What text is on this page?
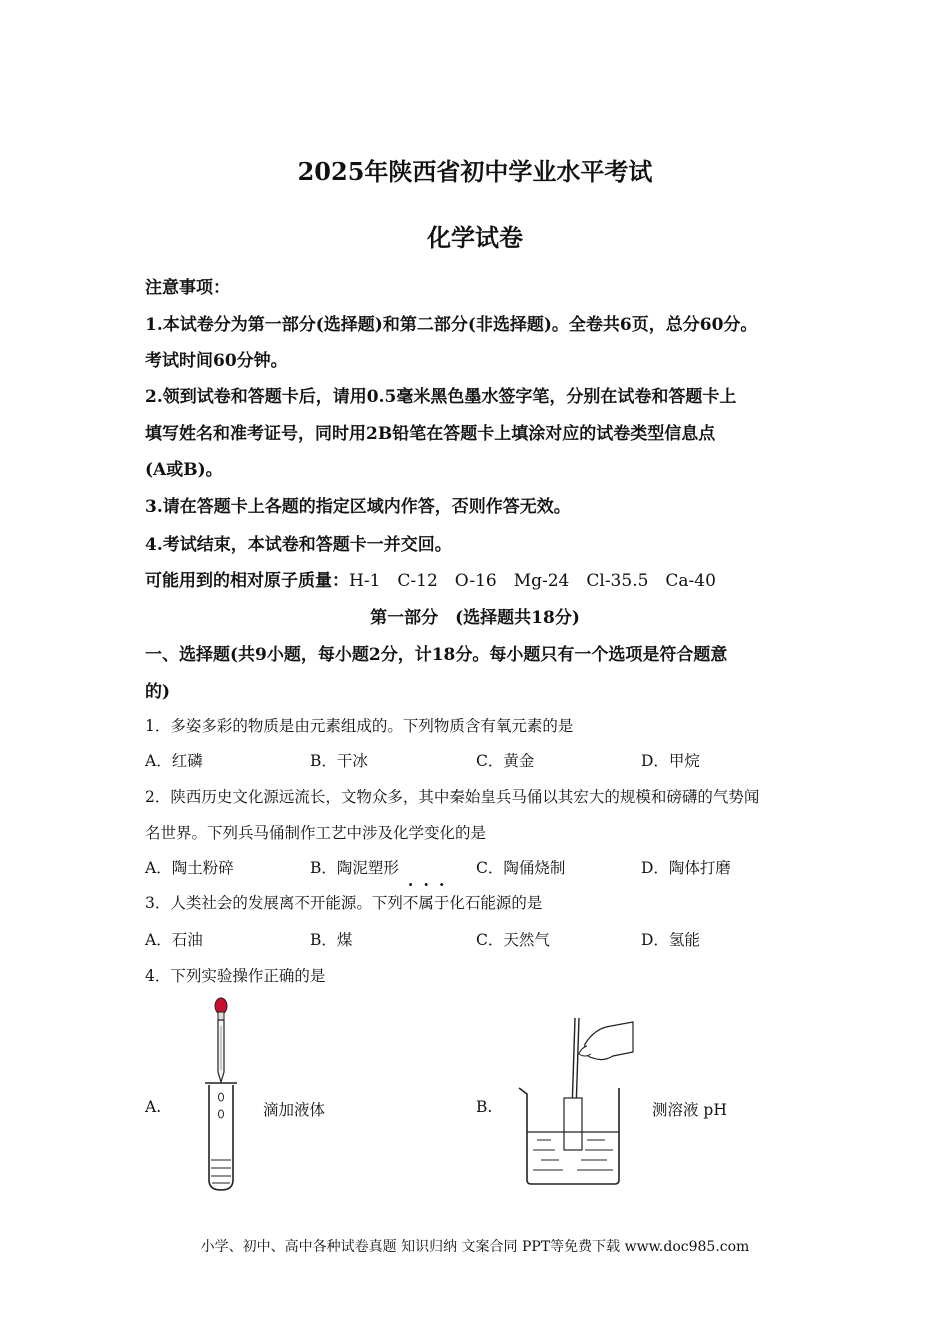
2025年陕西省初中学业水平考试
化学试卷
注意事项：
1.本试卷分为第一部分(选择题)和第二部分(非选择题)。全卷共6页，总分60分。
考试时间60分钟。
2.领到试卷和答题卡后，请用0.5毫米黑色墨水签字笔，分别在试卷和答题卡上
填写姓名和准考证号，同时用2B铅笔在答题卡上填涂对应的试卷类型信息点
(A或B)。
3.请在答题卡上各题的指定区域内作答，否则作答无效。
4.考试结束，本试卷和答题卡一并交回。
可能用到的相对原子质量：H-1　C-12　O-16　Mg-24　Cl-35.5　Ca-40
第一部分　(选择题共18分)
一、选择题(共9小题，每小题2分，计18分。每小题只有一个选项是符合题意
的)
1．多姿多彩的物质是由元素组成的。下列物质含有氧元素的是
A．红磷	B．干冰	C．黄金	D．甲烷
2．陕西历史文化源远流长，文物众多，其中秦始皇兵马俑以其宏大的规模和磅礴的气势闻
名世界。下列兵马俑制作工艺中涉及化学变化的是
A．陶土粉碎	B．陶泥塑形	C．陶俑烧制	D．陶体打磨
3．人类社会的发展离不开能源。下列不属于化石能源的是
A．石油	B．煤	C．天然气	D．氢能
4．下列实验操作正确的是
A.	滴加液体	B.	测溶液 pH
小学、初中、高中各种试卷真题 知识归纳 文案合同 PPT等免费下载 www.doc985.com
